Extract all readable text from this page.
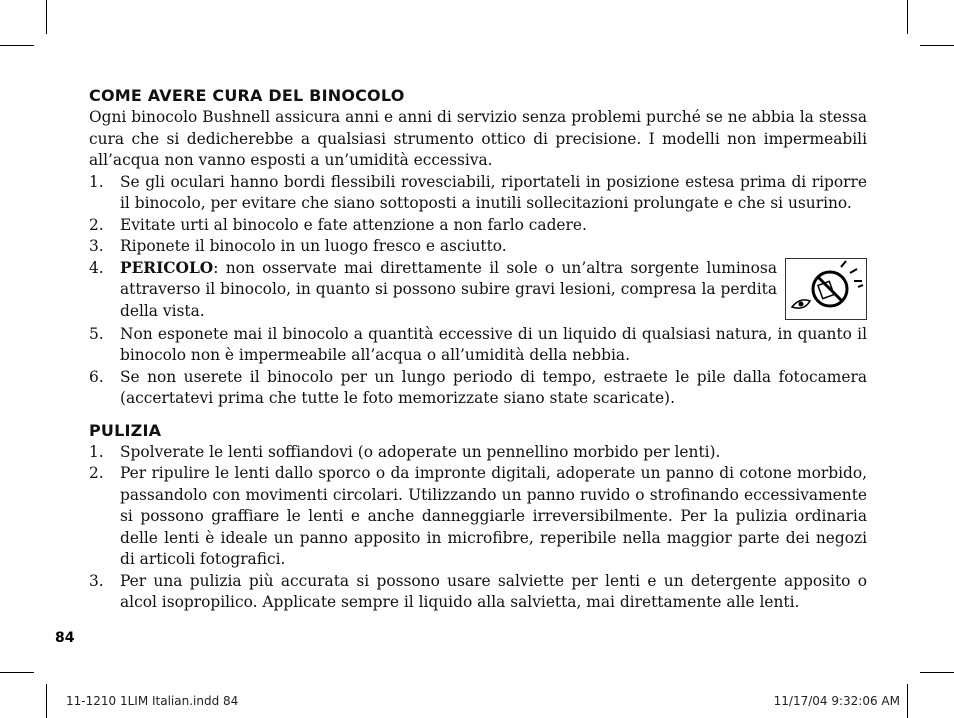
COME AVERE CURA DEL BINOCOLO

Ogni binocolo Bushnell assicura anni e anni di servizio senza problemi purché se ne abbia la stessa cura che si dedicherebbe a qualsiasi strumento ottico di precisione. I modelli non impermeabili all’acqua non vanno esposti a un’umidità eccessiva.

1. Se gli oculari hanno bordi flessibili rovesciabili, riportateli in posizione estesa prima di riporre il binocolo, per evitare che siano sottoposti a inutili sollecitazioni prolungate e che si usurino.
2. Evitate urti al binocolo e fate attenzione a non farlo cadere.
3. Riponete il binocolo in un luogo fresco e asciutto.
4. PERICOLO: non osservate mai direttamente il sole o un’altra sorgente luminosa attraverso il binocolo, in quanto si possono subire gravi lesioni, compresa la perdita della vista.
5. Non esponete mai il binocolo a quantità eccessive di un liquido di qualsiasi natura, in quanto il binocolo non è impermeabile all’acqua o all’umidità della nebbia.
6. Se non userete il binocolo per un lungo periodo di tempo, estraete le pile dalla fotocamera (accertatevi prima che tutte le foto memorizzate siano state scaricate).
PULIZIA
1. Spolverate le lenti soffiandovi (o adoperate un pennellino morbido per lenti).
2. Per ripulire le lenti dallo sporco o da impronte digitali, adoperate un panno di cotone morbido, passandolo con movimenti circolari. Utilizzando un panno ruvido o strofinando eccessivamente si possono graffiare le lenti e anche danneggiarle irreversibilmente. Per la pulizia ordinaria delle lenti è ideale un panno apposito in microfibre, reperibile nella maggior parte dei negozi di articoli fotografici.
3. Per una pulizia più accurata si possono usare salviette per lenti e un detergente apposito o alcol isopropilico. Applicate sempre il liquido alla salvietta, mai direttamente alle lenti.
84
11-1210 1LIM Italian.indd 84	11/17/04 9:32:06 AM
